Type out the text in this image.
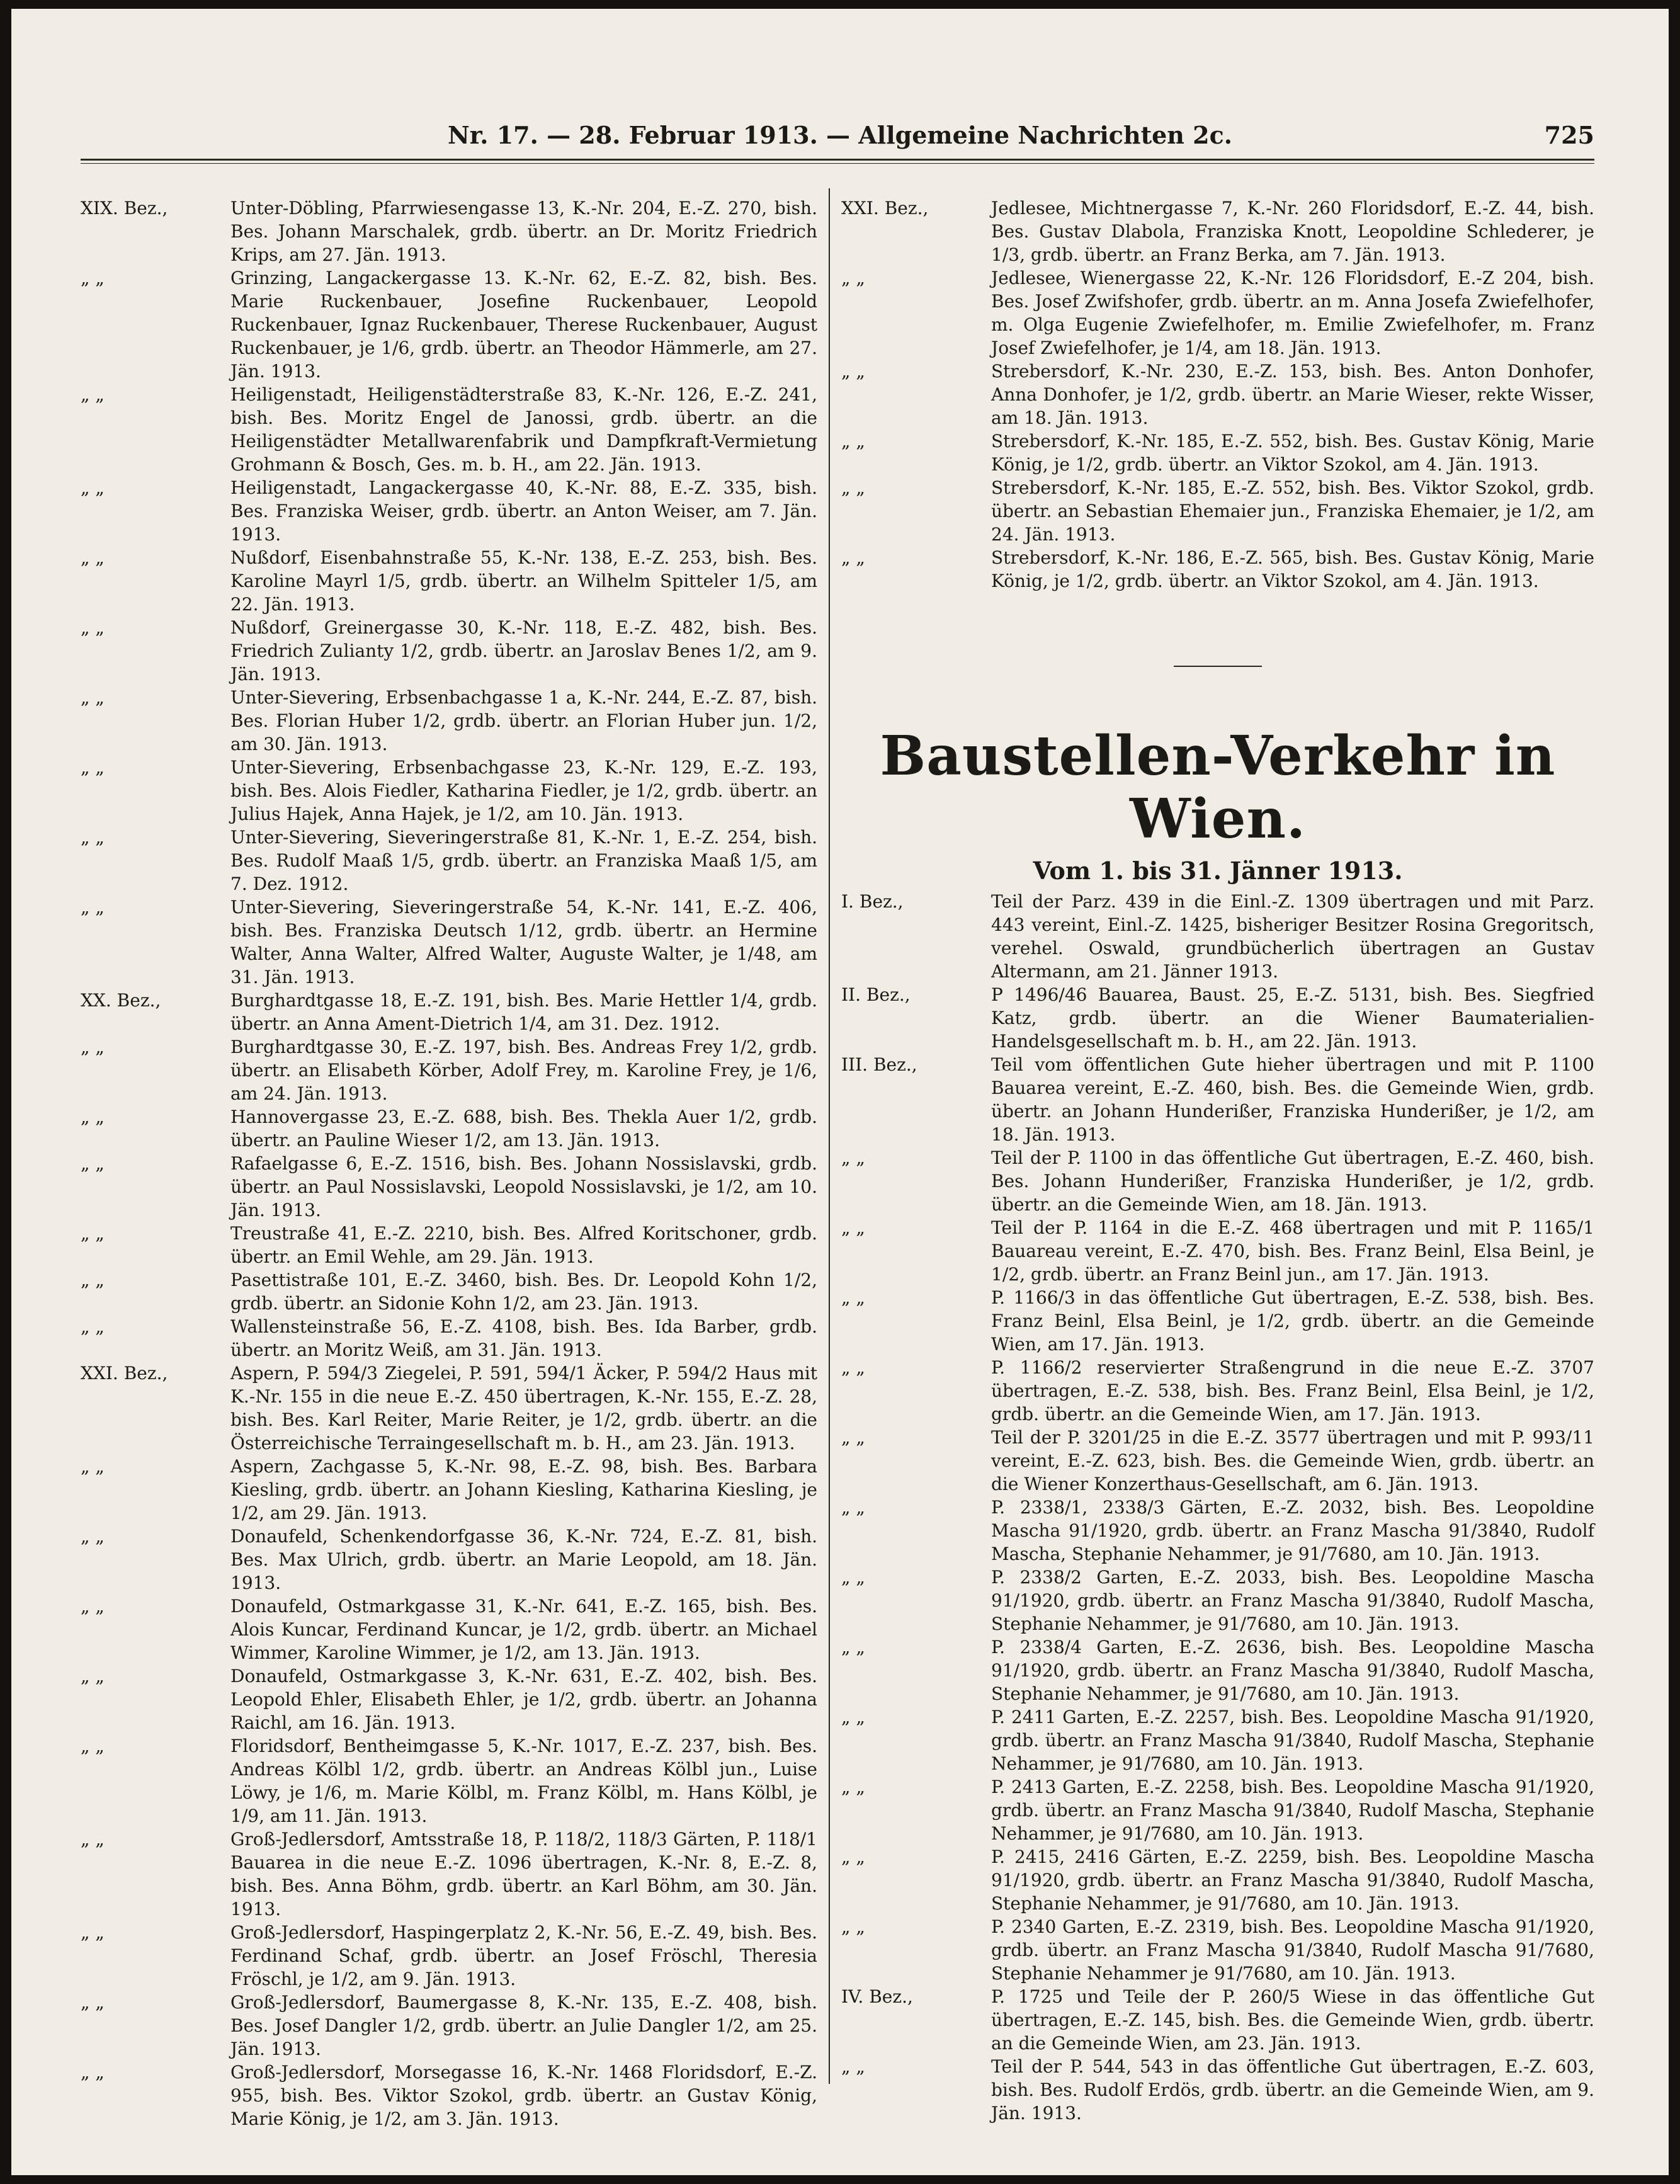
Nr. 17. — 28. Februar 1913. — Allgemeine Nachrichten 2c.	725
XIX. Bez.,	Unter-Döbling, Pfarrwiesengasse 13, K.-Nr. 204, E.-Z. 270, bish. Bes. Johann Marschalek, grdb. übertr. an Dr. Moritz Friedrich Krips, am 27. Jän. 1913.
„ „	Grinzing, Langackergasse 13. K.-Nr. 62, E.-Z. 82, bish. Bes. Marie Ruckenbauer, Josefine Ruckenbauer, Leopold Ruckenbauer, Ignaz Ruckenbauer, Therese Ruckenbauer, August Ruckenbauer, je 1/6, grdb. übertr. an Theodor Hämmerle, am 27. Jän. 1913.
„ „	Heiligenstadt, Heiligenstädterstraße 83, K.-Nr. 126, E.-Z. 241, bish. Bes. Moritz Engel de Janossi, grdb. übertr. an die Heiligenstädter Metallwarenfabrik und Dampfkraft-Vermietung Grohmann & Bosch, Ges. m. b. H., am 22. Jän. 1913.
„ „	Heiligenstadt, Langackergasse 40, K.-Nr. 88, E.-Z. 335, bish. Bes. Franziska Weiser, grdb. übertr. an Anton Weiser, am 7. Jän. 1913.
„ „	Nußdorf, Eisenbahnstraße 55, K.-Nr. 138, E.-Z. 253, bish. Bes. Karoline Mayrl 1/5, grdb. übertr. an Wilhelm Spitteler 1/5, am 22. Jän. 1913.
„ „	Nußdorf, Greinergasse 30, K.-Nr. 118, E.-Z. 482, bish. Bes. Friedrich Zulianty 1/2, grdb. übertr. an Jaroslav Benes 1/2, am 9. Jän. 1913.
„ „	Unter-Sievering, Erbsenbachgasse 1 a, K.-Nr. 244, E.-Z. 87, bish. Bes. Florian Huber 1/2, grdb. übertr. an Florian Huber jun. 1/2, am 30. Jän. 1913.
„ „	Unter-Sievering, Erbsenbachgasse 23, K.-Nr. 129, E.-Z. 193, bish. Bes. Alois Fiedler, Katharina Fiedler, je 1/2, grdb. übertr. an Julius Hajek, Anna Hajek, je 1/2, am 10. Jän. 1913.
„ „	Unter-Sievering, Sieveringerstraße 81, K.-Nr. 1, E.-Z. 254, bish. Bes. Rudolf Maaß 1/5, grdb. übertr. an Franziska Maaß 1/5, am 7. Dez. 1912.
„ „	Unter-Sievering, Sieveringerstraße 54, K.-Nr. 141, E.-Z. 406, bish. Bes. Franziska Deutsch 1/12, grdb. übertr. an Hermine Walter, Anna Walter, Alfred Walter, Auguste Walter, je 1/48, am 31. Jän. 1913.
XX. Bez.,	Burghardtgasse 18, E.-Z. 191, bish. Bes. Marie Hettler 1/4, grdb. übertr. an Anna Ament-Dietrich 1/4, am 31. Dez. 1912.
„ „	Burghardtgasse 30, E.-Z. 197, bish. Bes. Andreas Frey 1/2, grdb. übertr. an Elisabeth Körber, Adolf Frey, m. Karoline Frey, je 1/6, am 24. Jän. 1913.
„ „	Hannovergasse 23, E.-Z. 688, bish. Bes. Thekla Auer 1/2, grdb. übertr. an Pauline Wieser 1/2, am 13. Jän. 1913.
„ „	Rafaelgasse 6, E.-Z. 1516, bish. Bes. Johann Nossislavski, grdb. übertr. an Paul Nossislavski, Leopold Nossislavski, je 1/2, am 10. Jän. 1913.
„ „	Treustraße 41, E.-Z. 2210, bish. Bes. Alfred Koritschoner, grdb. übertr. an Emil Wehle, am 29. Jän. 1913.
„ „	Pasettistraße 101, E.-Z. 3460, bish. Bes. Dr. Leopold Kohn 1/2, grdb. übertr. an Sidonie Kohn 1/2, am 23. Jän. 1913.
„ „	Wallensteinstraße 56, E.-Z. 4108, bish. Bes. Ida Barber, grdb. übertr. an Moritz Weiß, am 31. Jän. 1913.
XXI. Bez.,	Aspern, P. 594/3 Ziegelei, P. 591, 594/1 Äcker, P. 594/2 Haus mit K.-Nr. 155 in die neue E.-Z. 450 übertragen, K.-Nr. 155, E.-Z. 28, bish. Bes. Karl Reiter, Marie Reiter, je 1/2, grdb. übertr. an die Österreichische Terraingesellschaft m. b. H., am 23. Jän. 1913.
„ „	Aspern, Zachgasse 5, K.-Nr. 98, E.-Z. 98, bish. Bes. Barbara Kiesling, grdb. übertr. an Johann Kiesling, Katharina Kiesling, je 1/2, am 29. Jän. 1913.
„ „	Donaufeld, Schenkendorfgasse 36, K.-Nr. 724, E.-Z. 81, bish. Bes. Max Ulrich, grdb. übertr. an Marie Leopold, am 18. Jän. 1913.
„ „	Donaufeld, Ostmarkgasse 31, K.-Nr. 641, E.-Z. 165, bish. Bes. Alois Kuncar, Ferdinand Kuncar, je 1/2, grdb. übertr. an Michael Wimmer, Karoline Wimmer, je 1/2, am 13. Jän. 1913.
„ „	Donaufeld, Ostmarkgasse 3, K.-Nr. 631, E.-Z. 402, bish. Bes. Leopold Ehler, Elisabeth Ehler, je 1/2, grdb. übertr. an Johanna Raichl, am 16. Jän. 1913.
„ „	Floridsdorf, Bentheimgasse 5, K.-Nr. 1017, E.-Z. 237, bish. Bes. Andreas Kölbl 1/2, grdb. übertr. an Andreas Kölbl jun., Luise Löwy, je 1/6, m. Marie Kölbl, m. Franz Kölbl, m. Hans Kölbl, je 1/9, am 11. Jän. 1913.
„ „	Groß-Jedlersdorf, Amtsstraße 18, P. 118/2, 118/3 Gärten, P. 118/1 Bauarea in die neue E.-Z. 1096 übertragen, K.-Nr. 8, E.-Z. 8, bish. Bes. Anna Böhm, grdb. übertr. an Karl Böhm, am 30. Jän. 1913.
„ „	Groß-Jedlersdorf, Haspingerplatz 2, K.-Nr. 56, E.-Z. 49, bish. Bes. Ferdinand Schaf, grdb. übertr. an Josef Fröschl, Theresia Fröschl, je 1/2, am 9. Jän. 1913.
„ „	Groß-Jedlersdorf, Baumergasse 8, K.-Nr. 135, E.-Z. 408, bish. Bes. Josef Dangler 1/2, grdb. übertr. an Julie Dangler 1/2, am 25. Jän. 1913.
„ „	Groß-Jedlersdorf, Morsegasse 16, K.-Nr. 1468 Floridsdorf, E.-Z. 955, bish. Bes. Viktor Szokol, grdb. übertr. an Gustav König, Marie König, je 1/2, am 3. Jän. 1913.
XXI. Bez.,	Jedlesee, Michtnergasse 7, K.-Nr. 260 Floridsdorf, E.-Z. 44, bish. Bes. Gustav Dlabola, Franziska Knott, Leopoldine Schlederer, je 1/3, grdb. übertr. an Franz Berka, am 7. Jän. 1913.
„ „	Jedlesee, Wienergasse 22, K.-Nr. 126 Floridsdorf, E.-Z 204, bish. Bes. Josef Zwifshofer, grdb. übertr. an m. Anna Josefa Zwiefelhofer, m. Olga Eugenie Zwiefelhofer, m. Emilie Zwiefelhofer, m. Franz Josef Zwiefelhofer, je 1/4, am 18. Jän. 1913.
„ „	Strebersdorf, K.-Nr. 230, E.-Z. 153, bish. Bes. Anton Donhofer, Anna Donhofer, je 1/2, grdb. übertr. an Marie Wieser, rekte Wisser, am 18. Jän. 1913.
„ „	Strebersdorf, K.-Nr. 185, E.-Z. 552, bish. Bes. Gustav König, Marie König, je 1/2, grdb. übertr. an Viktor Szokol, am 4. Jän. 1913.
„ „	Strebersdorf, K.-Nr. 185, E.-Z. 552, bish. Bes. Viktor Szokol, grdb. übertr. an Sebastian Ehemaier jun., Franziska Ehemaier, je 1/2, am 24. Jän. 1913.
„ „	Strebersdorf, K.-Nr. 186, E.-Z. 565, bish. Bes. Gustav König, Marie König, je 1/2, grdb. übertr. an Viktor Szokol, am 4. Jän. 1913.
Baustellen-Verkehr in Wien.
Vom 1. bis 31. Jänner 1913.
I. Bez.,	Teil der Parz. 439 in die Einl.-Z. 1309 übertragen und mit Parz. 443 vereint, Einl.-Z. 1425, bisheriger Besitzer Rosina Gregoritsch, verehel. Oswald, grundbücherlich übertragen an Gustav Altermann, am 21. Jänner 1913.
II. Bez.,	P 1496/46 Bauarea, Baust. 25, E.-Z. 5131, bish. Bes. Siegfried Katz, grdb. übertr. an die Wiener Baumaterialien-Handelsgesellschaft m. b. H., am 22. Jän. 1913.
III. Bez.,	Teil vom öffentlichen Gute hieher übertragen und mit P. 1100 Bauarea vereint, E.-Z. 460, bish. Bes. die Gemeinde Wien, grdb. übertr. an Johann Hunderißer, Franziska Hunderißer, je 1/2, am 18. Jän. 1913.
„ „	Teil der P. 1100 in das öffentliche Gut übertragen, E.-Z. 460, bish. Bes. Johann Hunderißer, Franziska Hunderißer, je 1/2, grdb. übertr. an die Gemeinde Wien, am 18. Jän. 1913.
„ „	Teil der P. 1164 in die E.-Z. 468 übertragen und mit P. 1165/1 Bauareau vereint, E.-Z. 470, bish. Bes. Franz Beinl, Elsa Beinl, je 1/2, grdb. übertr. an Franz Beinl jun., am 17. Jän. 1913.
„ „	P. 1166/3 in das öffentliche Gut übertragen, E.-Z. 538, bish. Bes. Franz Beinl, Elsa Beinl, je 1/2, grdb. übertr. an die Gemeinde Wien, am 17. Jän. 1913.
„ „	P. 1166/2 reservierter Straßengrund in die neue E.-Z. 3707 übertragen, E.-Z. 538, bish. Bes. Franz Beinl, Elsa Beinl, je 1/2, grdb. übertr. an die Gemeinde Wien, am 17. Jän. 1913.
„ „	Teil der P. 3201/25 in die E.-Z. 3577 übertragen und mit P. 993/11 vereint, E.-Z. 623, bish. Bes. die Gemeinde Wien, grdb. übertr. an die Wiener Konzerthaus-Gesellschaft, am 6. Jän. 1913.
„ „	P. 2338/1, 2338/3 Gärten, E.-Z. 2032, bish. Bes. Leopoldine Mascha 91/1920, grdb. übertr. an Franz Mascha 91/3840, Rudolf Mascha, Stephanie Nehammer, je 91/7680, am 10. Jän. 1913.
„ „	P. 2338/2 Garten, E.-Z. 2033, bish. Bes. Leopoldine Mascha 91/1920, grdb. übertr. an Franz Mascha 91/3840, Rudolf Mascha, Stephanie Nehammer, je 91/7680, am 10. Jän. 1913.
„ „	P. 2338/4 Garten, E.-Z. 2636, bish. Bes. Leopoldine Mascha 91/1920, grdb. übertr. an Franz Mascha 91/3840, Rudolf Mascha, Stephanie Nehammer, je 91/7680, am 10. Jän. 1913.
„ „	P. 2411 Garten, E.-Z. 2257, bish. Bes. Leopoldine Mascha 91/1920, grdb. übertr. an Franz Mascha 91/3840, Rudolf Mascha, Stephanie Nehammer, je 91/7680, am 10. Jän. 1913.
„ „	P. 2413 Garten, E.-Z. 2258, bish. Bes. Leopoldine Mascha 91/1920, grdb. übertr. an Franz Mascha 91/3840, Rudolf Mascha, Stephanie Nehammer, je 91/7680, am 10. Jän. 1913.
„ „	P. 2415, 2416 Gärten, E.-Z. 2259, bish. Bes. Leopoldine Mascha 91/1920, grdb. übertr. an Franz Mascha 91/3840, Rudolf Mascha, Stephanie Nehammer, je 91/7680, am 10. Jän. 1913.
„ „	P. 2340 Garten, E.-Z. 2319, bish. Bes. Leopoldine Mascha 91/1920, grdb. übertr. an Franz Mascha 91/3840, Rudolf Mascha 91/7680, Stephanie Nehammer je 91/7680, am 10. Jän. 1913.
IV. Bez.,	P. 1725 und Teile der P. 260/5 Wiese in das öffentliche Gut übertragen, E.-Z. 145, bish. Bes. die Gemeinde Wien, grdb. übertr. an die Gemeinde Wien, am 23. Jän. 1913.
„ „	Teil der P. 544, 543 in das öffentliche Gut übertragen, E.-Z. 603, bish. Bes. Rudolf Erdös, grdb. übertr. an die Gemeinde Wien, am 9. Jän. 1913.
